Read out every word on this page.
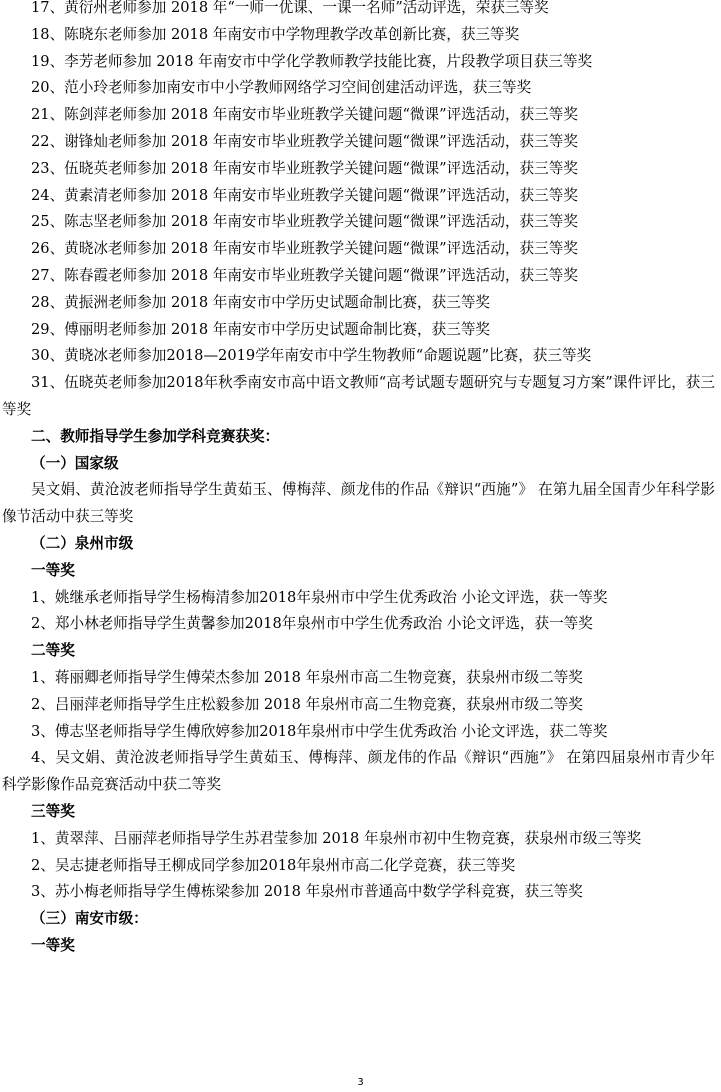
17、黄衍州老师参加 2018 年“一师一优课、一课一名师”活动评选，荣获三等奖

18、陈晓东老师参加 2018 年南安市中学物理教学改革创新比赛，获三等奖

19、李芳老师参加 2018 年南安市中学化学教师教学技能比赛，片段教学项目获三等奖

20、范小玲老师参加南安市中小学教师网络学习空间创建活动评选，获三等奖

21、陈剑萍老师参加 2018 年南安市毕业班教学关键问题“微课”评选活动，获三等奖

22、谢锋灿老师参加 2018 年南安市毕业班教学关键问题“微课”评选活动，获三等奖

23、伍晓英老师参加 2018 年南安市毕业班教学关键问题“微课”评选活动，获三等奖

24、黄素清老师参加 2018 年南安市毕业班教学关键问题“微课”评选活动，获三等奖

25、陈志坚老师参加 2018 年南安市毕业班教学关键问题“微课”评选活动，获三等奖

26、黄晓冰老师参加 2018 年南安市毕业班教学关键问题“微课”评选活动，获三等奖

27、陈春霞老师参加 2018 年南安市毕业班教学关键问题“微课”评选活动，获三等奖

28、黄振洲老师参加 2018 年南安市中学历史试题命制比赛，获三等奖

29、傅丽明老师参加 2018 年南安市中学历史试题命制比赛，获三等奖

30、黄晓冰老师参加2018—2019学年南安市中学生物教师“命题说题”比赛，获三等奖

31、伍晓英老师参加2018年秋季南安市高中语文教师“高考试题专题研究与专题复习方案”课件评比，获三等奖

二、教师指导学生参加学科竞赛获奖：

（一）国家级

吴文娟、黄沧波老师指导学生黄茹玉、傅梅萍、颜龙伟的作品《辩识“西施”》 在第九届全国青少年科学影像节活动中获三等奖

（二）泉州市级

一等奖

1、姚继承老师指导学生杨梅清参加2018年泉州市中学生优秀政治 小论文评选，获一等奖

2、郑小林老师指导学生黄馨参加2018年泉州市中学生优秀政治 小论文评选，获一等奖

二等奖

1、蒋丽卿老师指导学生傅荣杰参加 2018 年泉州市高二生物竞赛，获泉州市级二等奖

2、吕丽萍老师指导学生庄松毅参加 2018 年泉州市高二生物竞赛，获泉州市级二等奖

3、傅志坚老师指导学生傅欣婷参加2018年泉州市中学生优秀政治 小论文评选，获二等奖

4、吴文娟、黄沧波老师指导学生黄茹玉、傅梅萍、颜龙伟的作品《辩识“西施”》 在第四届泉州市青少年科学影像作品竞赛活动中获二等奖

三等奖

1、黄翠萍、吕丽萍老师指导学生苏君莹参加 2018 年泉州市初中生物竞赛，获泉州市级三等奖

2、吴志捷老师指导王柳成同学参加2018年泉州市高二化学竞赛，获三等奖

3、苏小梅老师指导学生傅栋梁参加 2018 年泉州市普通高中数学学科竞赛，获三等奖

（三）南安市级：

一等奖

3
